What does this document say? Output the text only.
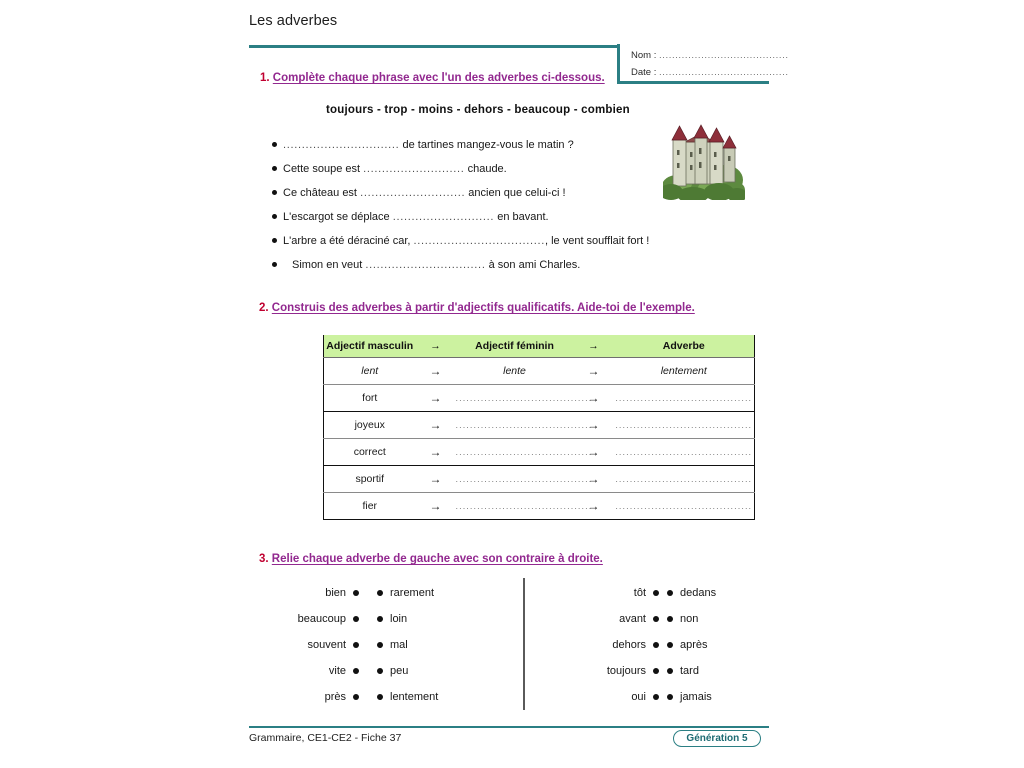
Les adverbes
Nom : ........................................
Date : ........................................
1. Complète chaque phrase avec l'un des adverbes ci-dessous.
toujours - trop - moins - dehors - beaucoup - combien
............................... de tartines mangez-vous le matin ?
Cette soupe est ........................... chaude.
Ce château est ............................ ancien que celui-ci !
L'escargot se déplace ........................... en bavant.
L'arbre a été déraciné car, ..................................., le vent soufflait fort !
Simon en veut ................................ à son ami Charles.
2. Construis des adverbes à partir d'adjectifs qualificatifs. Aide-toi de l'exemple.
Adjectif masculin	→	Adjectif féminin	→	Adverbe
lent	→	lente	→	lentement
fort	→	......................................	→	......................................
joyeux	→	......................................	→	......................................
correct	→	......................................	→	......................................
sportif	→	......................................	→	......................................
fier	→	......................................	→	......................................
3. Relie chaque adverbe de gauche avec son contraire à droite.
bien
beaucoup
souvent
vite
près
rarement
loin
mal
peu
lentement
tôt
avant
dehors
toujours
oui
dedans
non
après
tard
jamais
Grammaire, CE1-CE2 - Fiche 37	Génération 5
